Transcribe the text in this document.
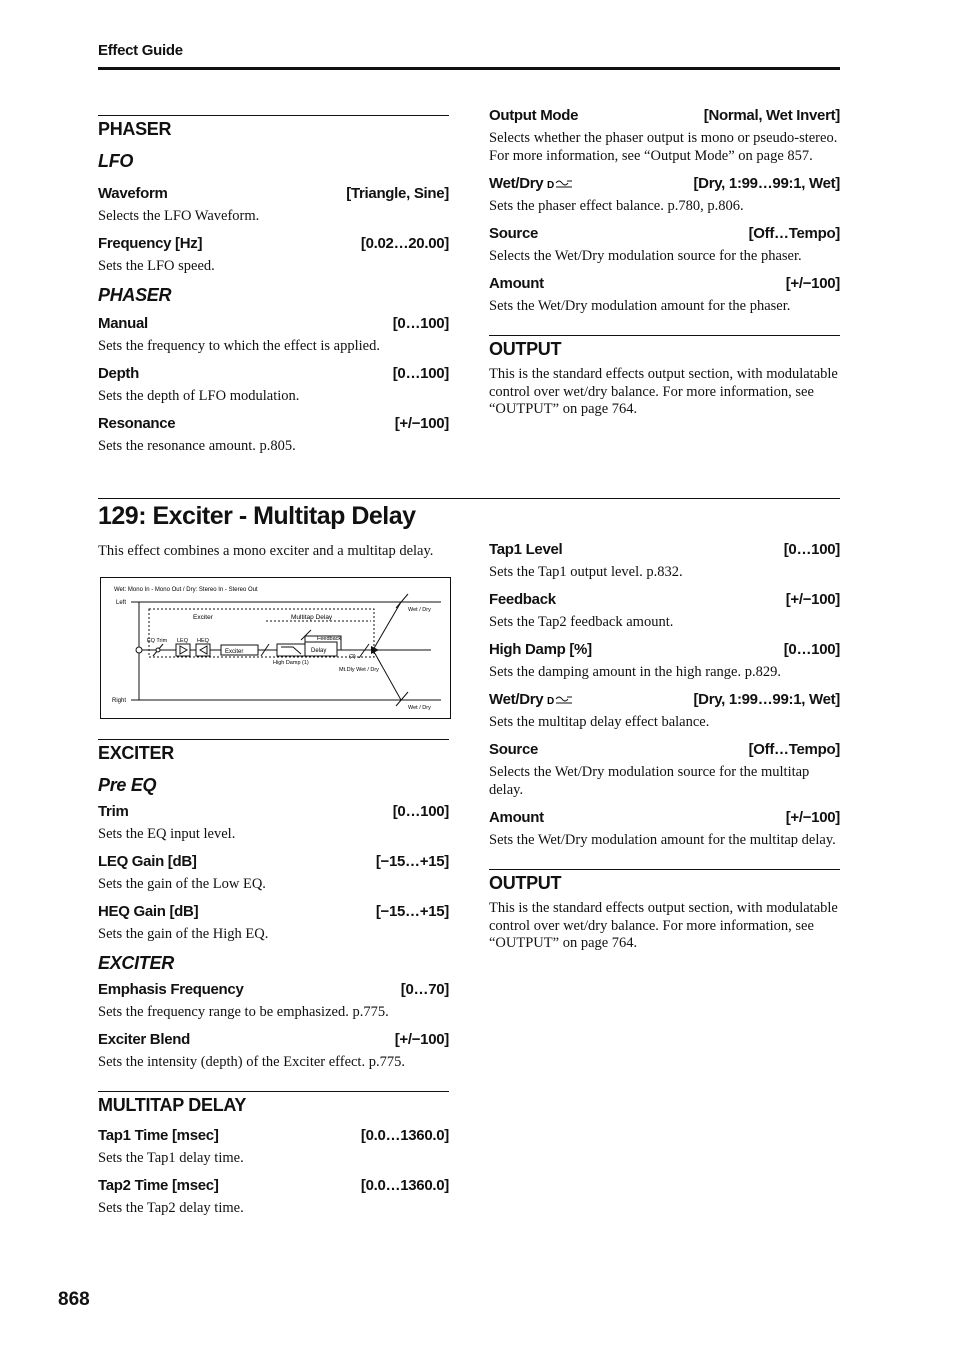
Effect Guide
PHASER
LFO
Waveform	[Triangle, Sine]
Selects the LFO Waveform.
Frequency [Hz]	[0.02…20.00]
Sets the LFO speed.
PHASER
Manual	[0…100]
Sets the frequency to which the effect is applied.
Depth	[0…100]
Sets the depth of LFO modulation.
Resonance	[+/−100]
Sets the resonance amount. p.805.
Output Mode	[Normal, Wet Invert]
Selects whether the phaser output is mono or pseudo-stereo. For more information, see “Output Mode” on page 857.
Wet/Dry D	[Dry, 1:99…99:1, Wet]
Sets the phaser effect balance. p.780, p.806.
Source	[Off…Tempo]
Selects the Wet/Dry modulation source for the phaser.
Amount	[+/−100]
Sets the Wet/Dry modulation amount for the phaser.
OUTPUT
This is the standard effects output section, with modulatable control over wet/dry balance. For more information, see “OUTPUT” on page 764.
129: Exciter - Multitap Delay
This effect combines a mono exciter and a multitap delay.
Wet: Mono In - Mono Out / Dry: Stereo In - Stereo Out
Left
Right
Exciter	Multitap Delay
EQ Trim LEQ HEQ
Exciter	Delay
Feedback
High Damp (1)
(2)
Mt.Dly Wet / Dry
Wet / Dry
Wet / Dry
EXCITER
Pre EQ
Trim	[0…100]
Sets the EQ input level.
LEQ Gain [dB]	[−15…+15]
Sets the gain of the Low EQ.
HEQ Gain [dB]	[−15…+15]
Sets the gain of the High EQ.
EXCITER
Emphasis Frequency	[0…70]
Sets the frequency range to be emphasized. p.775.
Exciter Blend	[+/−100]
Sets the intensity (depth) of the Exciter effect. p.775.
MULTITAP DELAY
Tap1 Time [msec]	[0.0…1360.0]
Sets the Tap1 delay time.
Tap2 Time [msec]	[0.0…1360.0]
Sets the Tap2 delay time.
Tap1 Level	[0…100]
Sets the Tap1 output level. p.832.
Feedback	[+/−100]
Sets the Tap2 feedback amount.
High Damp [%]	[0…100]
Sets the damping amount in the high range. p.829.
Wet/Dry D	[Dry, 1:99…99:1, Wet]
Sets the multitap delay effect balance.
Source	[Off…Tempo]
Selects the Wet/Dry modulation source for the multitap delay.
Amount	[+/−100]
Sets the Wet/Dry modulation amount for the multitap delay.
OUTPUT
This is the standard effects output section, with modulatable control over wet/dry balance. For more information, see “OUTPUT” on page 764.
868
